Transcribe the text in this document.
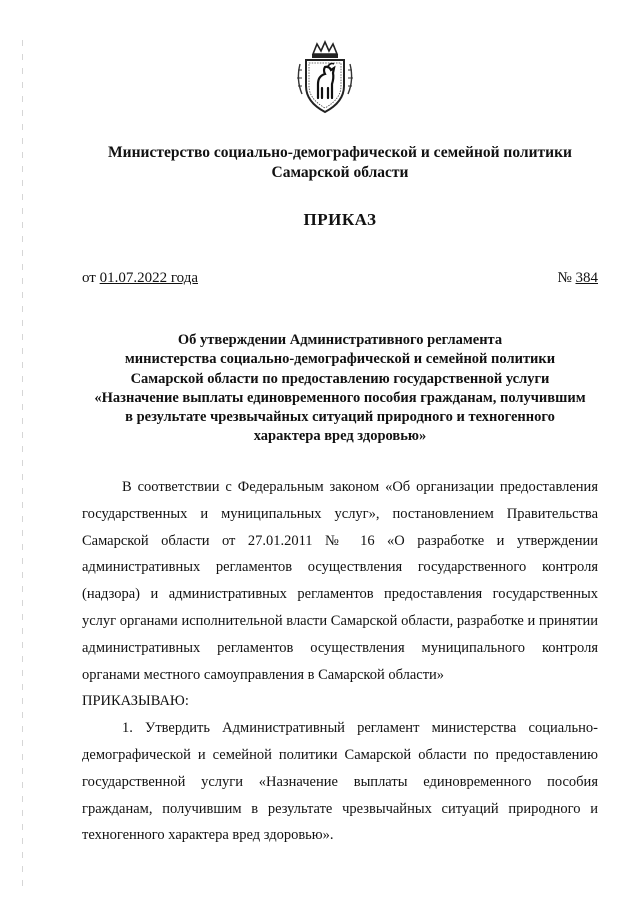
Министерство социально-демографической и семейной политики
Самарской области
ПРИКАЗ
от 01.07.2022 года	№ 384
Об утверждении Административного регламента
министерства социально-демографической и семейной политики
Самарской области по предоставлению государственной услуги
«Назначение выплаты единовременного пособия гражданам, получившим
в результате чрезвычайных ситуаций природного и техногенного
характера вред здоровью»

В соответствии с Федеральным законом «Об организации предоставления государственных и муниципальных услуг», постановлением Правительства Самарской области от 27.01.2011 № 16 «О разработке и утверждении административных регламентов осуществления государственного контроля (надзора) и административных регламентов предоставления государственных услуг органами исполнительной власти Самарской области, разработке и принятии административных регламентов осуществления муниципального контроля органами местного самоуправления в Самарской области»

ПРИКАЗЫВАЮ:

1. Утвердить Административный регламент министерства социально-демографической и семейной политики Самарской области по предоставлению государственной услуги «Назначение выплаты единовременного пособия гражданам, получившим в результате чрезвычайных ситуаций природного и техногенного характера вред здоровью».
